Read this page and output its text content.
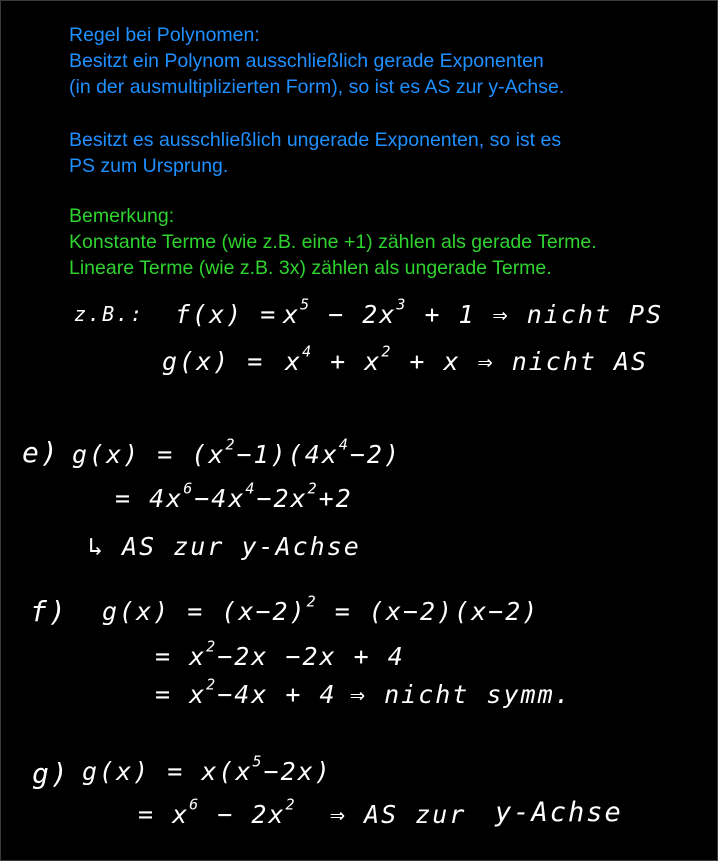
Regel bei Polynomen:
Besitzt ein Polynom ausschließlich gerade Exponenten
(in der ausmultiplizierten Form), so ist es AS zur y-Achse.
Besitzt es ausschließlich ungerade Exponenten, so ist es
PS zum Ursprung.
Bemerkung:
Konstante Terme (wie z.B. eine +1) zählen als gerade Terme.
Lineare Terme (wie z.B. 3x) zählen als ungerade Terme.
z.B.: $f(x) = x^5 - 2x^3 + 1$ ⇒ nicht PS
$g(x) = x^4 + x^2 + x$ ⇒ nicht AS
e) $g(x) = (x^2-1)(4x^4-2)$
= $4x^6-4x^4-2x^2+2$
↳ AS zur y-Achse
f) $g(x) = (x-2)^2 = (x-2)(x-2)$
= $x^2-2x -2x + 4$
= $x^2-4x + 4$ ⇒ nicht symm.
g) $g(x) = x(x^5-2x)$
= $x^6 - 2x^2$ ⇒ AS zur y-Achse
